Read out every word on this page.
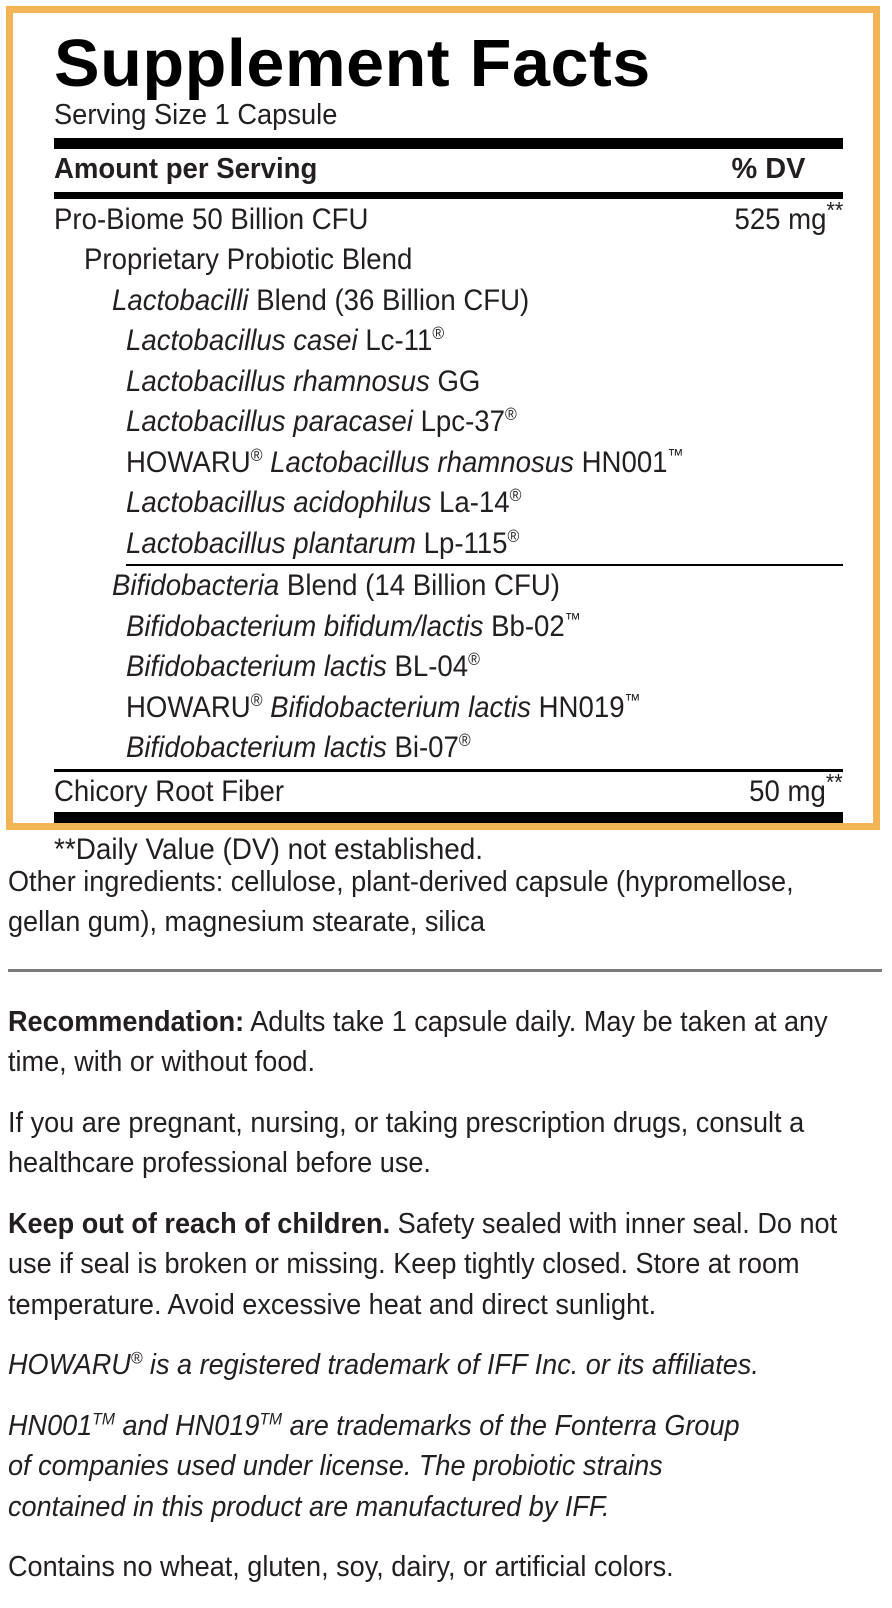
Supplement Facts
Serving Size 1 Capsule
Amount per Serving	% DV
Pro-Biome 50 Billion CFU	525 mg**
Proprietary Probiotic Blend
Lactobacilli Blend (36 Billion CFU)
Lactobacillus casei Lc-11®
Lactobacillus rhamnosus GG
Lactobacillus paracasei Lpc-37®
HOWARU® Lactobacillus rhamnosus HN001™
Lactobacillus acidophilus La-14®
Lactobacillus plantarum Lp-115®
Bifidobacteria Blend (14 Billion CFU)
Bifidobacterium bifidum/lactis Bb-02™
Bifidobacterium lactis BL-04®
HOWARU® Bifidobacterium lactis HN019™
Bifidobacterium lactis Bi-07®
Chicory Root Fiber	50 mg**
**Daily Value (DV) not established.

Other ingredients: cellulose, plant-derived capsule (hypromellose, gellan gum), magnesium stearate, silica

Recommendation: Adults take 1 capsule daily. May be taken at any time, with or without food.

If you are pregnant, nursing, or taking prescription drugs, consult a healthcare professional before use.

Keep out of reach of children. Safety sealed with inner seal. Do not use if seal is broken or missing. Keep tightly closed. Store at room temperature. Avoid excessive heat and direct sunlight.

HOWARU® is a registered trademark of IFF Inc. or its affiliates.

HN001™ and HN019™ are trademarks of the Fonterra Group
of companies used under license. The probiotic strains
contained in this product are manufactured by IFF.

Contains no wheat, gluten, soy, dairy, or artificial colors.
